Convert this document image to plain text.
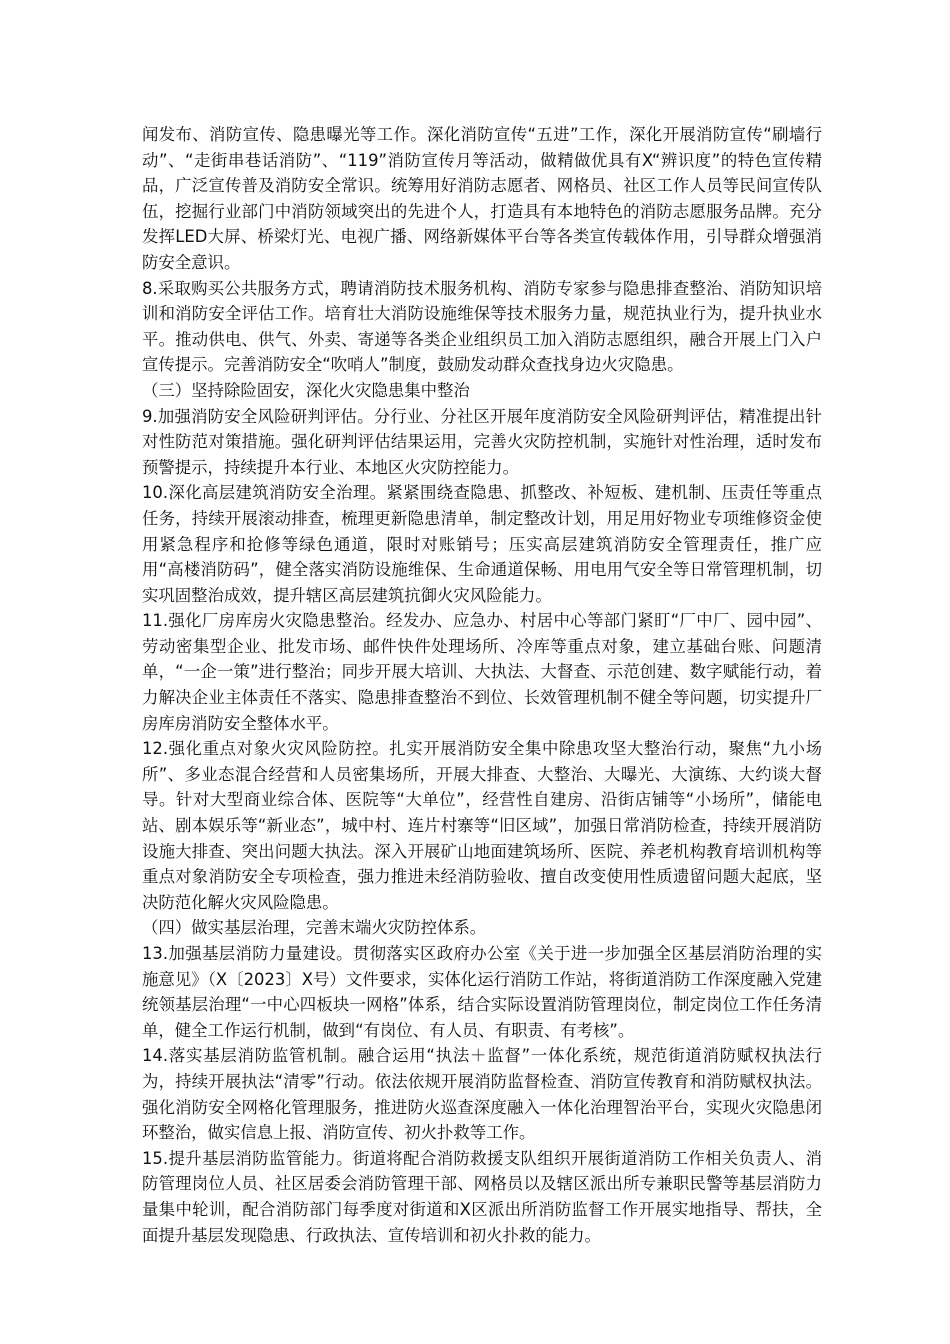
闻发布、消防宣传、隐患曝光等工作。深化消防宣传“五进”工作，深化开展消防宣传“刷墙行动”、“走街串巷话消防”、“119”消防宣传月等活动，做精做优具有X“辨识度”的特色宣传精品，广泛宣传普及消防安全常识。统筹用好消防志愿者、网格员、社区工作人员等民间宣传队伍，挖掘行业部门中消防领域突出的先进个人，打造具有本地特色的消防志愿服务品牌。充分发挥LED大屏、桥梁灯光、电视广播、网络新媒体平台等各类宣传载体作用，引导群众增强消防安全意识。

8.采取购买公共服务方式，聘请消防技术服务机构、消防专家参与隐患排查整治、消防知识培训和消防安全评估工作。培育壮大消防设施维保等技术服务力量，规范执业行为，提升执业水平。推动供电、供气、外卖、寄递等各类企业组织员工加入消防志愿组织，融合开展上门入户宣传提示。完善消防安全“吹哨人”制度，鼓励发动群众查找身边火灾隐患。

（三）坚持除险固安，深化火灾隐患集中整治

9.加强消防安全风险研判评估。分行业、分社区开展年度消防安全风险研判评估，精准提出针对性防范对策措施。强化研判评估结果运用，完善火灾防控机制，实施针对性治理，适时发布预警提示，持续提升本行业、本地区火灾防控能力。

10.深化高层建筑消防安全治理。紧紧围绕查隐患、抓整改、补短板、建机制、压责任等重点任务，持续开展滚动排查，梳理更新隐患清单，制定整改计划，用足用好物业专项维修资金使用紧急程序和抢修等绿色通道，限时对账销号；压实高层建筑消防安全管理责任，推广应用“高楼消防码”，健全落实消防设施维保、生命通道保畅、用电用气安全等日常管理机制，切实巩固整治成效，提升辖区高层建筑抗御火灾风险能力。

11.强化厂房库房火灾隐患整治。经发办、应急办、村居中心等部门紧盯“厂中厂、园中园”、劳动密集型企业、批发市场、邮件快件处理场所、冷库等重点对象，建立基础台账、问题清单，“一企一策”进行整治；同步开展大培训、大执法、大督查、示范创建、数字赋能行动，着力解决企业主体责任不落实、隐患排查整治不到位、长效管理机制不健全等问题，切实提升厂房库房消防安全整体水平。

12.强化重点对象火灾风险防控。扎实开展消防安全集中除患攻坚大整治行动，聚焦“九小场所”、多业态混合经营和人员密集场所，开展大排查、大整治、大曝光、大演练、大约谈大督导。针对大型商业综合体、医院等“大单位”，经营性自建房、沿街店铺等“小场所”，储能电站、剧本娱乐等“新业态”，城中村、连片村寨等“旧区域”，加强日常消防检查，持续开展消防设施大排查、突出问题大执法。深入开展矿山地面建筑场所、医院、养老机构教育培训机构等重点对象消防安全专项检查，强力推进未经消防验收、擅自改变使用性质遗留问题大起底，坚决防范化解火灾风险隐患。

（四）做实基层治理，完善末端火灾防控体系。

13.加强基层消防力量建设。贯彻落实区政府办公室《关于进一步加强全区基层消防治理的实施意见》（X〔2023〕X号）文件要求，实体化运行消防工作站，将街道消防工作深度融入党建统领基层治理“一中心四板块一网格”体系，结合实际设置消防管理岗位，制定岗位工作任务清单，健全工作运行机制，做到“有岗位、有人员、有职责、有考核”。

14.落实基层消防监管机制。融合运用“执法＋监督”一体化系统，规范街道消防赋权执法行为，持续开展执法“清零”行动。依法依规开展消防监督检查、消防宣传教育和消防赋权执法。强化消防安全网格化管理服务，推进防火巡查深度融入一体化治理智治平台，实现火灾隐患闭环整治，做实信息上报、消防宣传、初火扑救等工作。

15.提升基层消防监管能力。街道将配合消防救援支队组织开展街道消防工作相关负责人、消防管理岗位人员、社区居委会消防管理干部、网格员以及辖区派出所专兼职民警等基层消防力量集中轮训，配合消防部门每季度对街道和X区派出所消防监督工作开展实地指导、帮扶，全面提升基层发现隐患、行政执法、宣传培训和初火扑救的能力。
